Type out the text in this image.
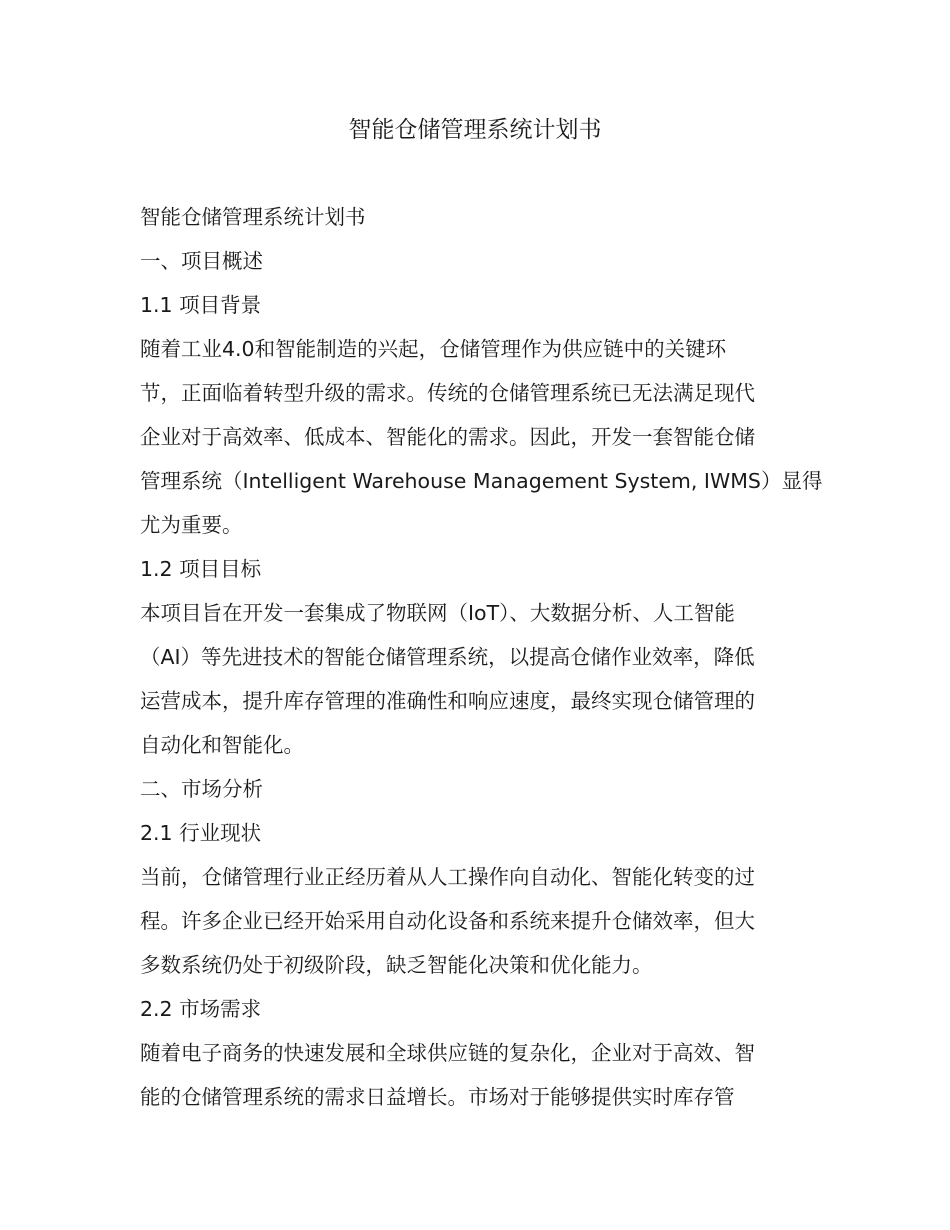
智能仓储管理系统计划书
智能仓储管理系统计划书
一、项目概述
1.1 项目背景
随着工业4.0和智能制造的兴起，仓储管理作为供应链中的关键环
节，正面临着转型升级的需求。传统的仓储管理系统已无法满足现代
企业对于高效率、低成本、智能化的需求。因此，开发一套智能仓储
管理系统（Intelligent Warehouse Management System, IWMS）显得
尤为重要。
1.2 项目目标
本项目旨在开发一套集成了物联网（IoT）、大数据分析、人工智能
（AI）等先进技术的智能仓储管理系统，以提高仓储作业效率，降低
运营成本，提升库存管理的准确性和响应速度，最终实现仓储管理的
自动化和智能化。
二、市场分析
2.1 行业现状
当前，仓储管理行业正经历着从人工操作向自动化、智能化转变的过
程。许多企业已经开始采用自动化设备和系统来提升仓储效率，但大
多数系统仍处于初级阶段，缺乏智能化决策和优化能力。
2.2 市场需求
随着电子商务的快速发展和全球供应链的复杂化，企业对于高效、智
能的仓储管理系统的需求日益增长。市场对于能够提供实时库存管
